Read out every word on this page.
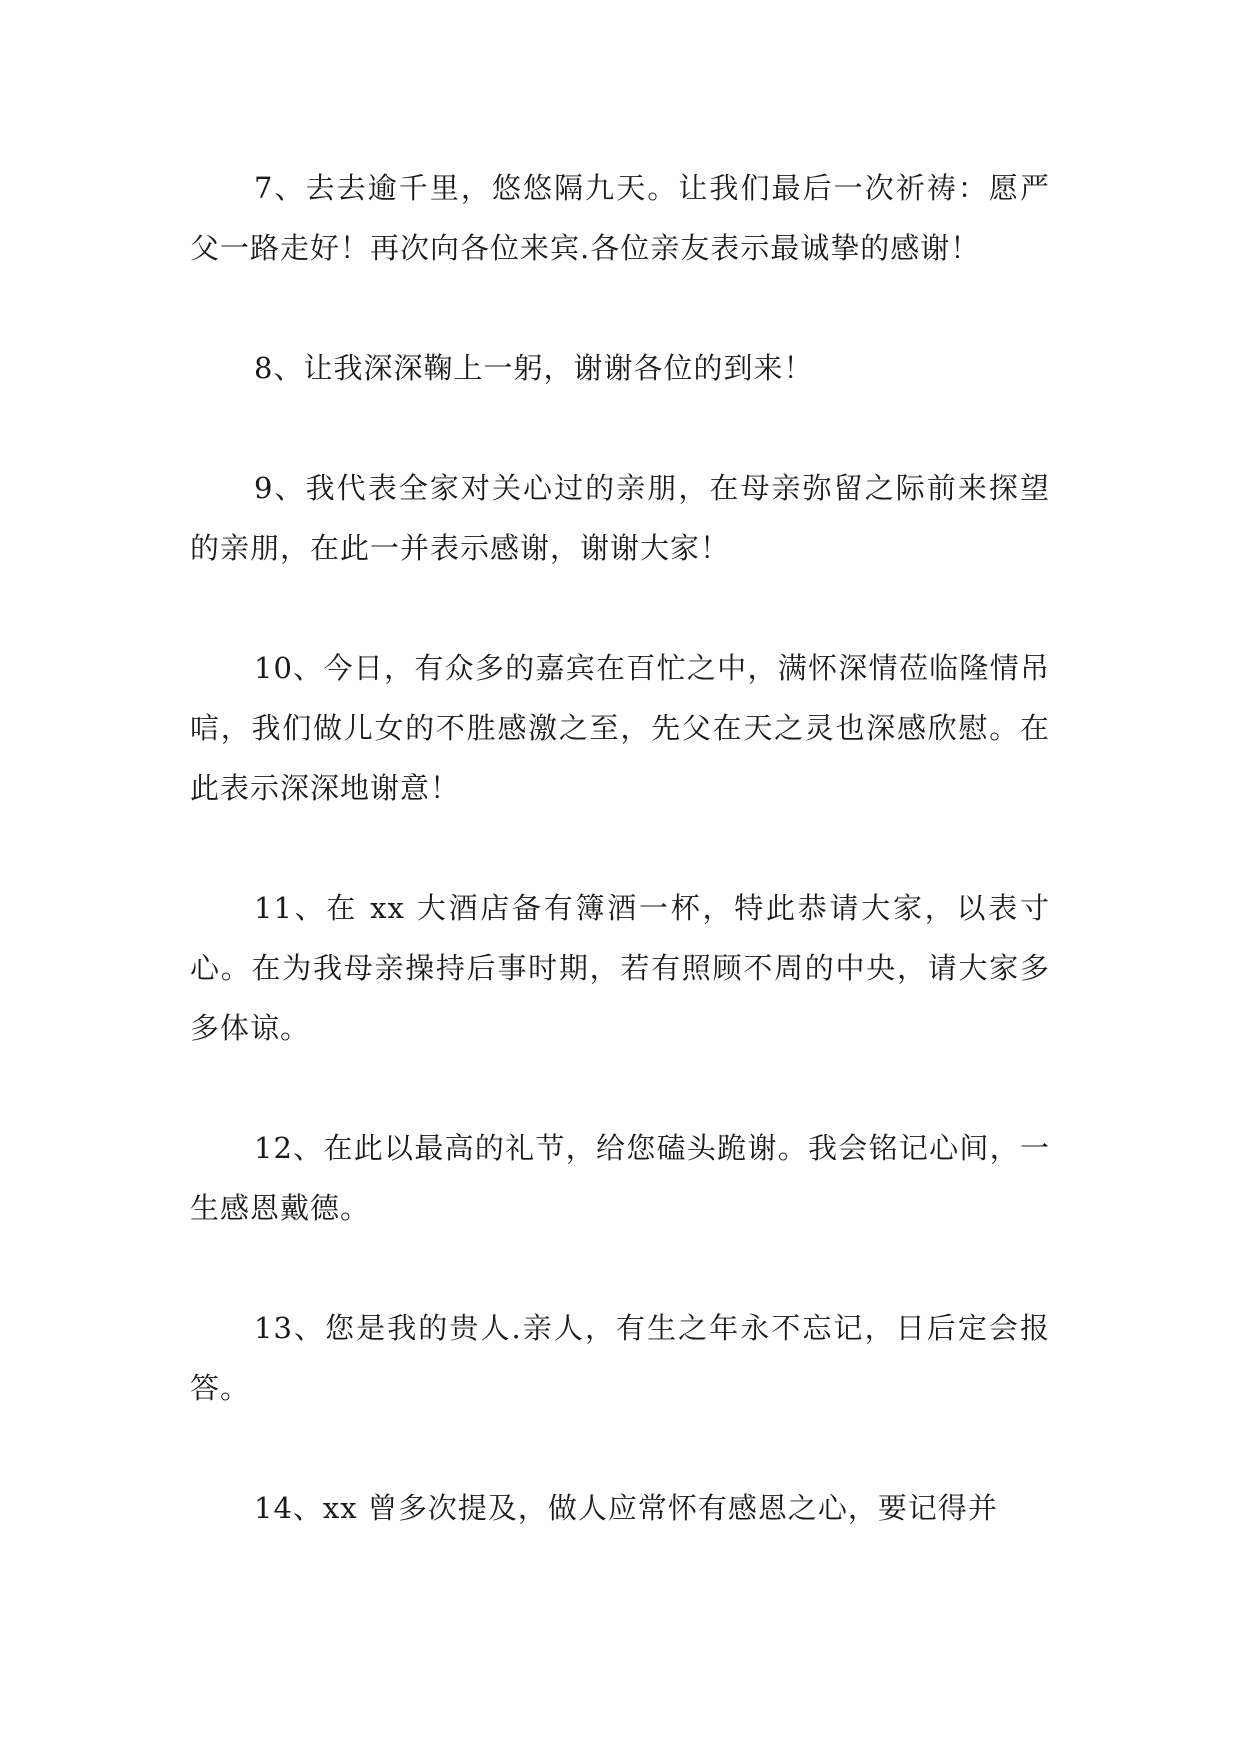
7、去去逾千里，悠悠隔九天。让我们最后一次祈祷：愿严父一路走好！再次向各位来宾.各位亲友表示最诚挚的感谢！

8、让我深深鞠上一躬，谢谢各位的到来！

9、我代表全家对关心过的亲朋，在母亲弥留之际前来探望的亲朋，在此一并表示感谢，谢谢大家！

10、今日，有众多的嘉宾在百忙之中，满怀深情莅临隆情吊唁，我们做儿女的不胜感激之至，先父在天之灵也深感欣慰。在此表示深深地谢意！

11、在 xx 大酒店备有簿酒一杯，特此恭请大家，以表寸心。在为我母亲操持后事时期，若有照顾不周的中央，请大家多多体谅。

12、在此以最高的礼节，给您磕头跪谢。我会铭记心间，一生感恩戴德。

13、您是我的贵人.亲人，有生之年永不忘记，日后定会报答。

14、xx 曾多次提及，做人应常怀有感恩之心，要记得并
